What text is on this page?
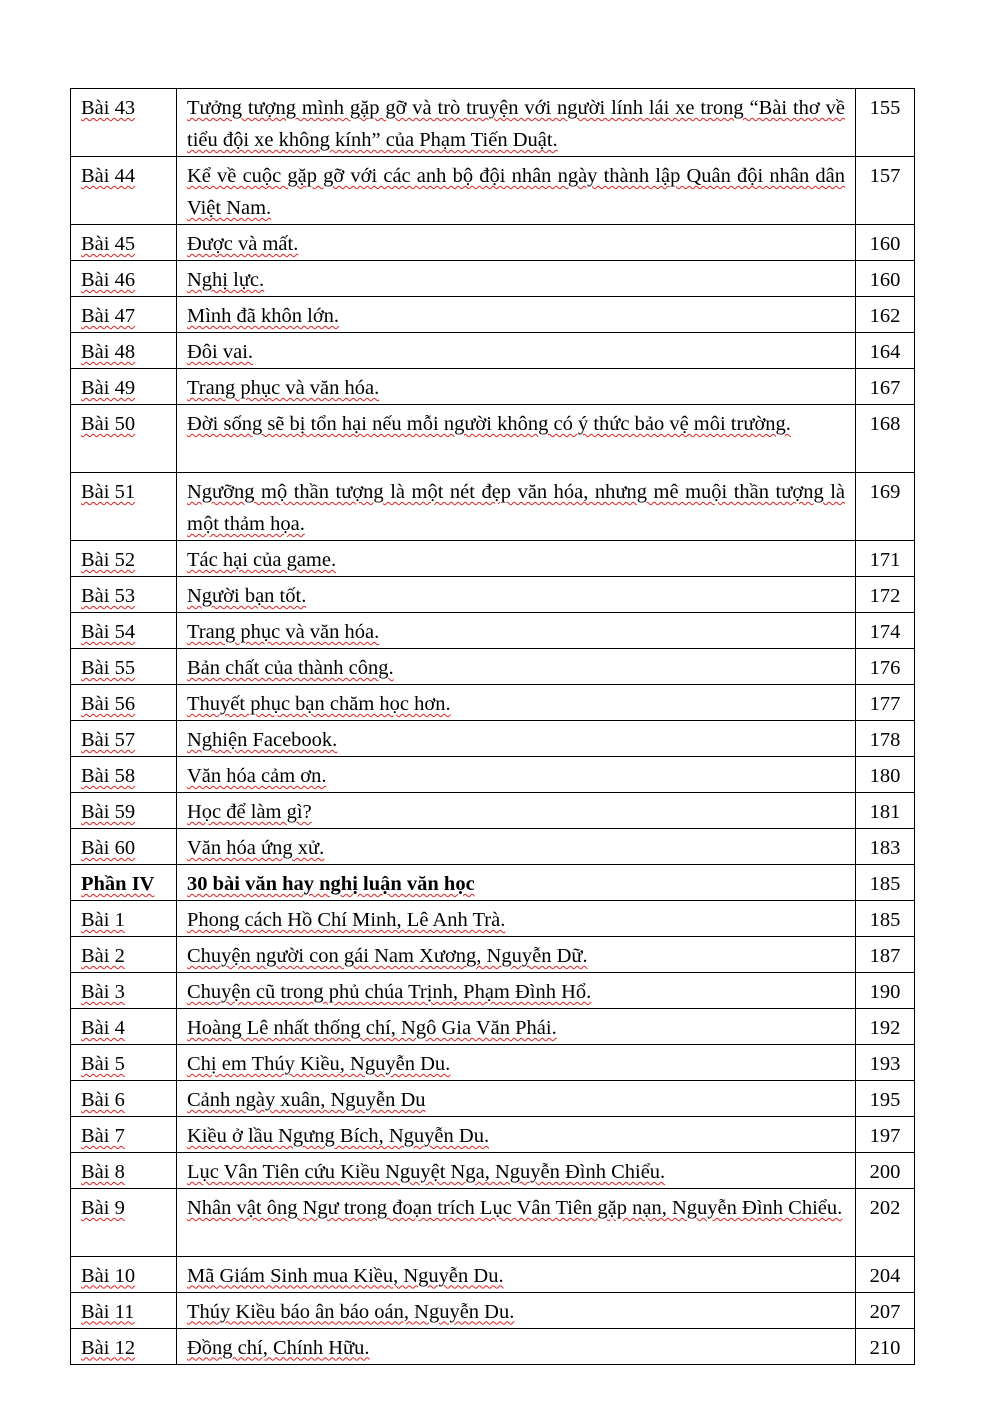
Bài 43	Tưởng tượng mình gặp gỡ và trò truyện với người lính lái xe trong “Bài thơ về tiểu đội xe không kính” của Phạm Tiến Duật.	155
Bài 44	Kể về cuộc gặp gỡ với các anh bộ đội nhân ngày thành lập Quân đội nhân dân Việt Nam.	157
Bài 45	Được và mất.	160
Bài 46	Nghị lực.	160
Bài 47	Mình đã khôn lớn.	162
Bài 48	Đôi vai.	164
Bài 49	Trang phục và văn hóa.	167
Bài 50	Đời sống sẽ bị tổn hại nếu mỗi người không có ý thức bảo vệ môi trường.	168
Bài 51	Ngưỡng mộ thần tượng là một nét đẹp văn hóa, nhưng mê muội thần tượng là một thảm họa.	169
Bài 52	Tác hại của game.	171
Bài 53	Người bạn tốt.	172
Bài 54	Trang phục và văn hóa.	174
Bài 55	Bản chất của thành công.	176
Bài 56	Thuyết phục bạn chăm học hơn.	177
Bài 57	Nghiện Facebook.	178
Bài 58	Văn hóa cảm ơn.	180
Bài 59	Học để làm gì?	181
Bài 60	Văn hóa ứng xử.	183
Phần IV	30 bài văn hay nghị luận văn học	185
Bài 1	Phong cách Hồ Chí Minh, Lê Anh Trà.	185
Bài 2	Chuyện người con gái Nam Xương, Nguyễn Dữ.	187
Bài 3	Chuyện cũ trong phủ chúa Trịnh, Phạm Đình Hổ.	190
Bài 4	Hoàng Lê nhất thống chí, Ngô Gia Văn Phái.	192
Bài 5	Chị em Thúy Kiều, Nguyễn Du.	193
Bài 6	Cảnh ngày xuân, Nguyễn Du	195
Bài 7	Kiều ở lầu Ngưng Bích, Nguyễn Du.	197
Bài 8	Lục Vân Tiên cứu Kiều Nguyệt Nga, Nguyễn Đình Chiểu.	200
Bài 9	Nhân vật ông Ngư trong đoạn trích Lục Vân Tiên gặp nạn, Nguyễn Đình Chiểu.	202
Bài 10	Mã Giám Sinh mua Kiều, Nguyễn Du.	204
Bài 11	Thúy Kiều báo ân báo oán, Nguyễn Du.	207
Bài 12	Đồng chí, Chính Hữu.	210
